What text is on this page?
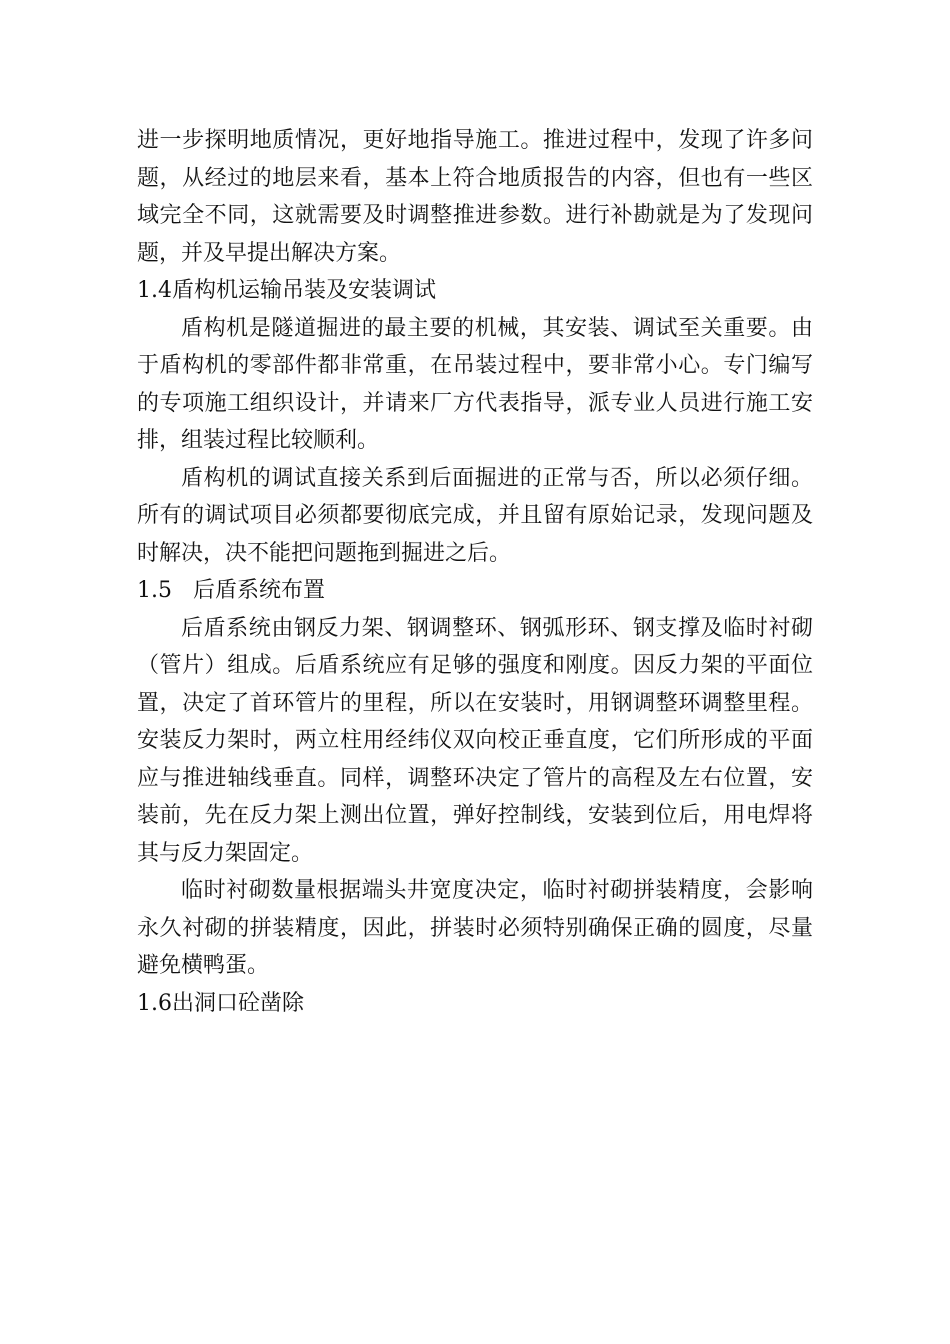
进一步探明地质情况，更好地指导施工。推进过程中，发现了许多问题，从经过的地层来看，基本上符合地质报告的内容，但也有一些区域完全不同，这就需要及时调整推进参数。进行补勘就是为了发现问题，并及早提出解决方案。

1.4盾构机运输吊装及安装调试

盾构机是隧道掘进的最主要的机械，其安装、调试至关重要。由于盾构机的零部件都非常重，在吊装过程中，要非常小心。专门编写的专项施工组织设计，并请来厂方代表指导，派专业人员进行施工安排，组装过程比较顺利。

盾构机的调试直接关系到后面掘进的正常与否，所以必须仔细。所有的调试项目必须都要彻底完成，并且留有原始记录，发现问题及时解决，决不能把问题拖到掘进之后。

1.5 后盾系统布置

后盾系统由钢反力架、钢调整环、钢弧形环、钢支撑及临时衬砌（管片）组成。后盾系统应有足够的强度和刚度。因反力架的平面位置，决定了首环管片的里程，所以在安装时，用钢调整环调整里程。安装反力架时，两立柱用经纬仪双向校正垂直度，它们所形成的平面应与推进轴线垂直。同样，调整环决定了管片的高程及左右位置，安装前，先在反力架上测出位置，弹好控制线，安装到位后，用电焊将其与反力架固定。

临时衬砌数量根据端头井宽度决定，临时衬砌拼装精度，会影响永久衬砌的拼装精度，因此，拼装时必须特别确保正确的圆度，尽量避免横鸭蛋。

1.6出洞口砼凿除
